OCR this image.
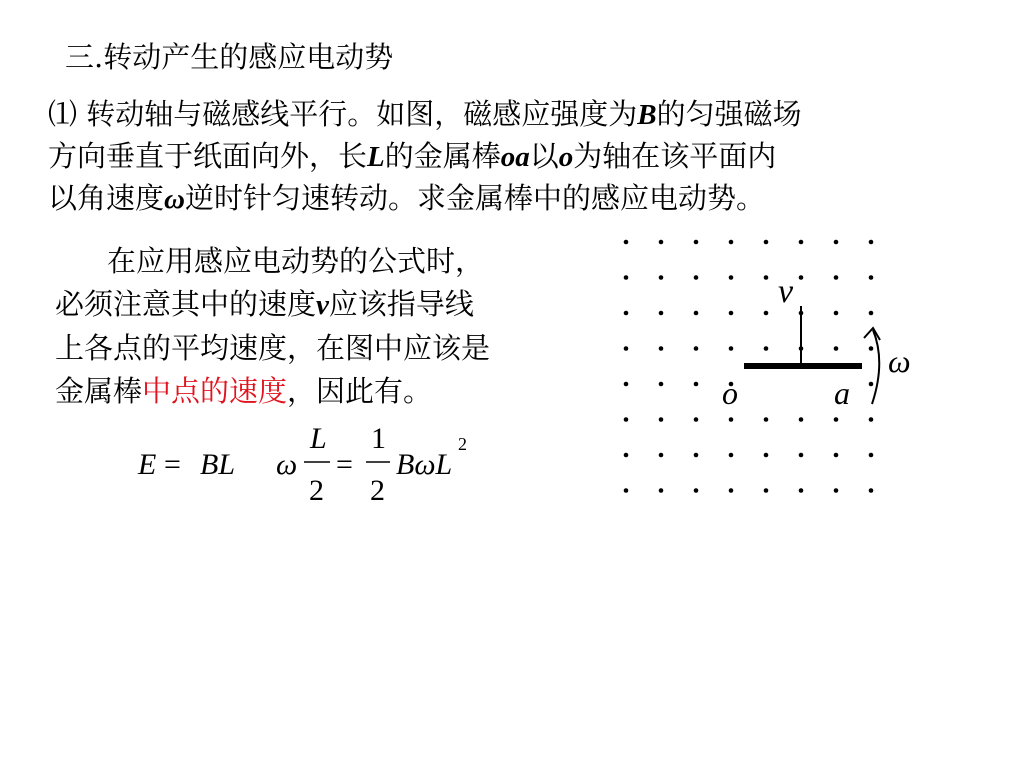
三.转动产生的感应电动势
⑴ 转动轴与磁感线平行。如图，磁感应强度为B的匀强磁场
方向垂直于纸面向外，长L的金属棒oa以o为轴在该平面内
以角速度ω逆时针匀速转动。求金属棒中的感应电动势。
在应用感应电动势的公式时，
必须注意其中的速度v应该指导线
上各点的平均速度，在图中应该是
金属棒中点的速度，因此有。
E = BL ω
L
2
=
1
2
BωL
2
v
o	a
ω
